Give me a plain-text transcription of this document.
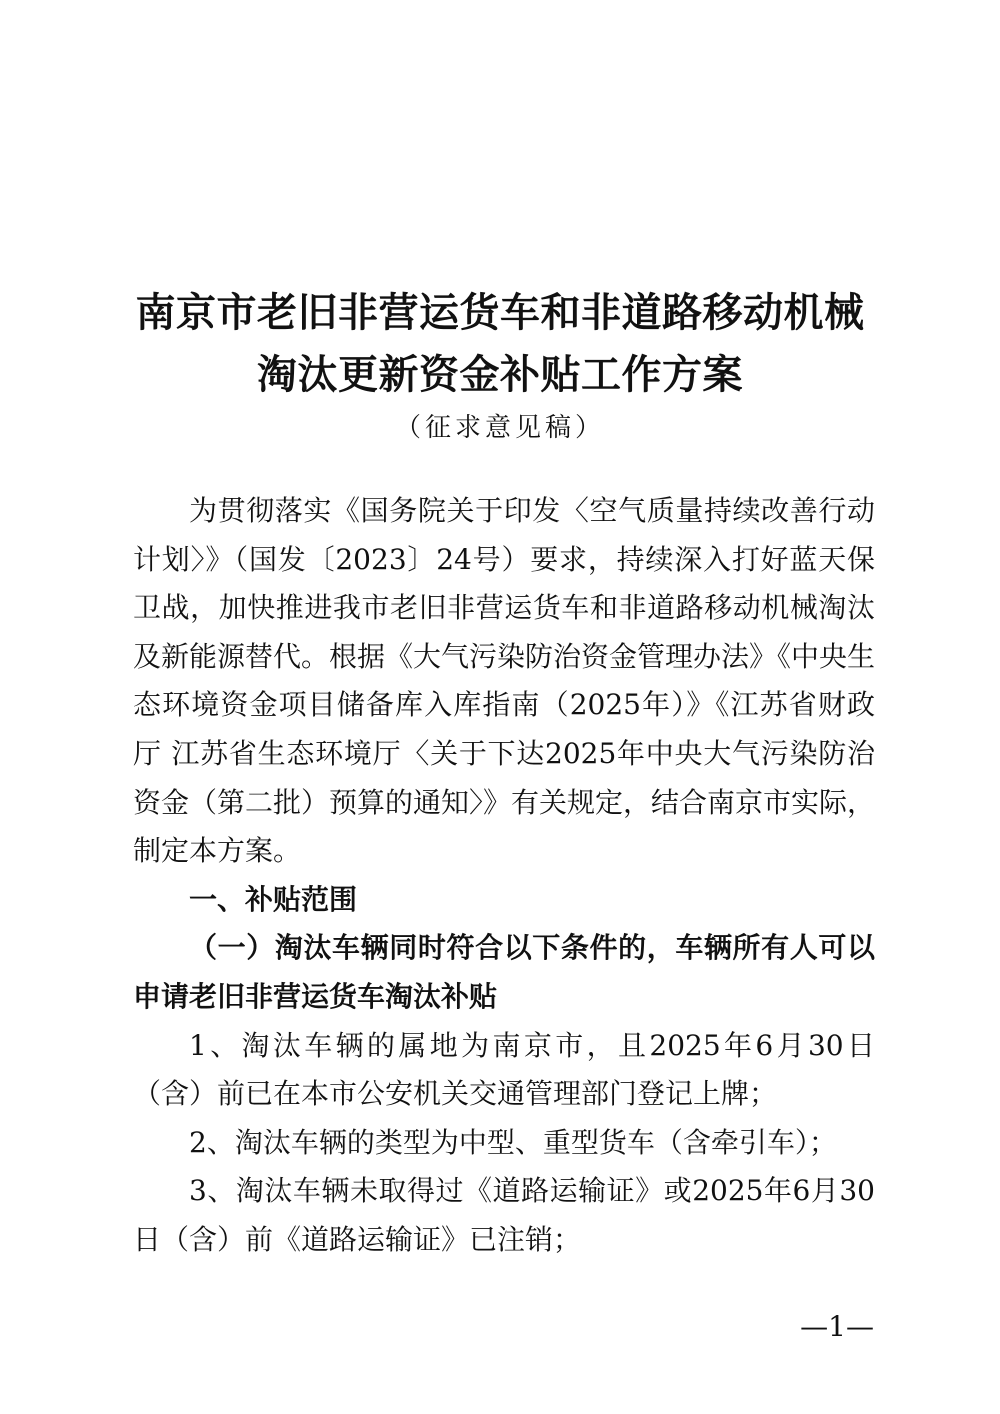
南京市老旧非营运货车和非道路移动机械
淘汰更新资金补贴工作方案
（征求意见稿）

为贯彻落实《国务院关于印发〈空气质量持续改善行动计划〉》（国发〔2023〕24号）要求，持续深入打好蓝天保卫战，加快推进我市老旧非营运货车和非道路移动机械淘汰及新能源替代。根据《大气污染防治资金管理办法》《中央生态环境资金项目储备库入库指南（2025年）》《江苏省财政厅 江苏省生态环境厅〈关于下达2025年中央大气污染防治资金（第二批）预算的通知〉》有关规定，结合南京市实际，制定本方案。

一、补贴范围

（一）淘汰车辆同时符合以下条件的，车辆所有人可以申请老旧非营运货车淘汰补贴

1、淘汰车辆的属地为南京市，且2025年6月30日（含）前已在本市公安机关交通管理部门登记上牌；

2、淘汰车辆的类型为中型、重型货车（含牵引车）；

3、淘汰车辆未取得过《道路运输证》或2025年6月30日（含）前《道路运输证》已注销；

—1—
